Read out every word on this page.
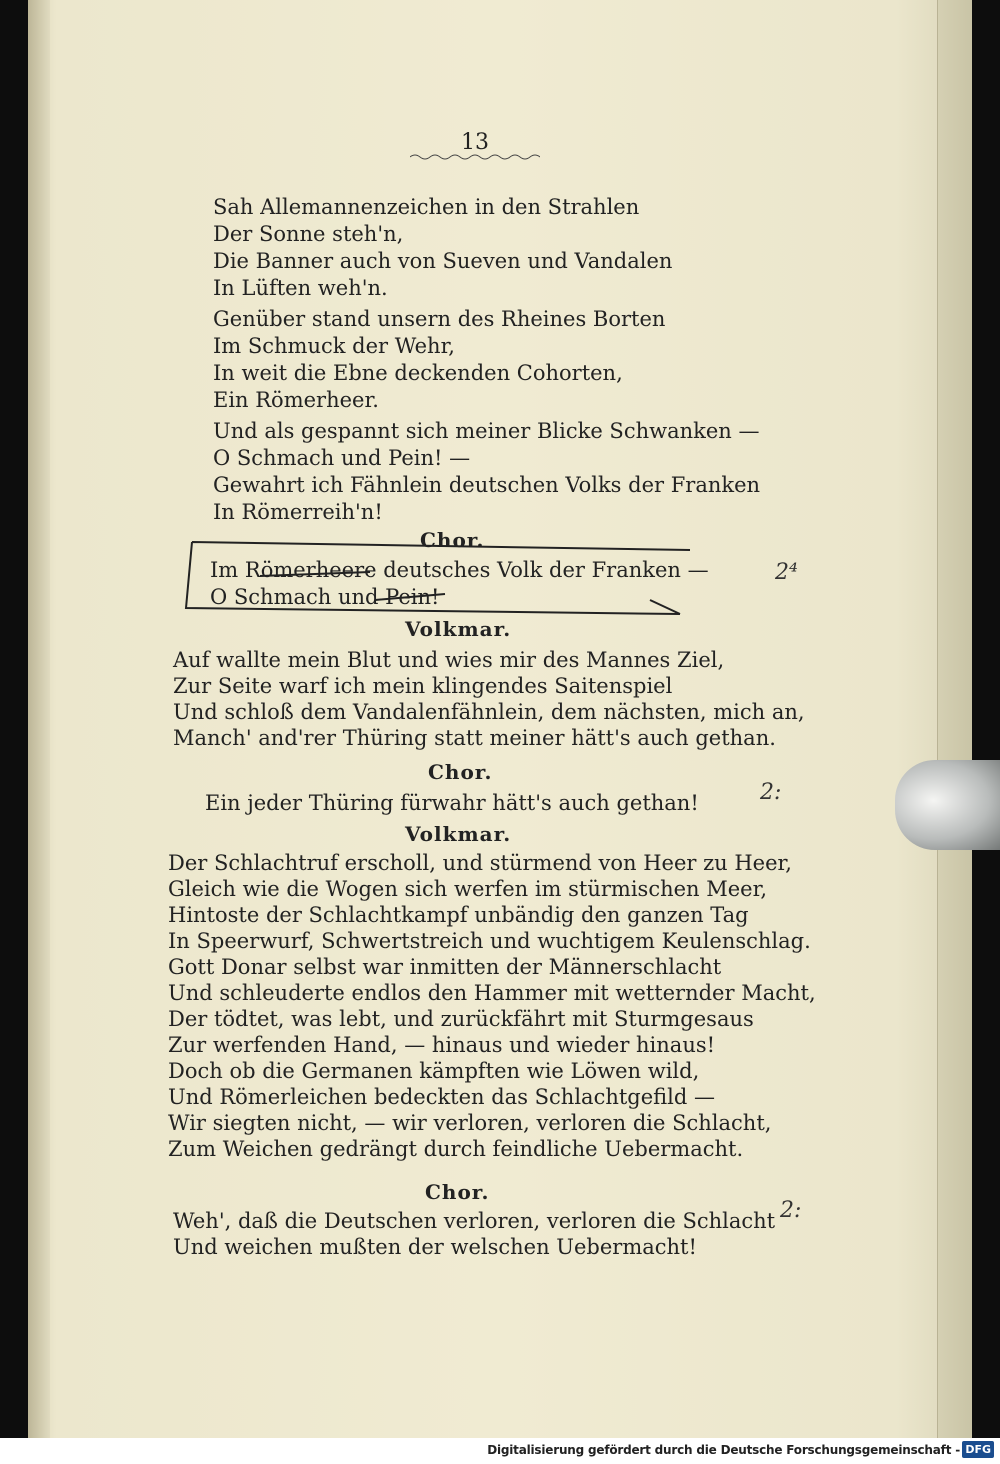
13
Sah Allemannenzeichen in den Strahlen
Der Sonne steh'n,
Die Banner auch von Sueven und Vandalen
In Lüften weh'n.
Genüber stand unsern des Rheines Borten
Im Schmuck der Wehr,
In weit die Ebne deckenden Cohorten,
Ein Römerheer.
Und als gespannt sich meiner Blicke Schwanken —
O Schmach und Pein! —
Gewahrt ich Fähnlein deutschen Volks der Franken
In Römerreih'n!
Chor.
Im Römerheere deutsches Volk der Franken —
O Schmach und Pein!
2⁴
Volkmar.
Auf wallte mein Blut und wies mir des Mannes Ziel,
Zur Seite warf ich mein klingendes Saitenspiel
Und schloß dem Vandalenfähnlein, dem nächsten, mich an,
Manch' and'rer Thüring statt meiner hätt's auch gethan.
Chor.
Ein jeder Thüring fürwahr hätt's auch gethan!	2:
Volkmar.
Der Schlachtruf erscholl, und stürmend von Heer zu Heer,
Gleich wie die Wogen sich werfen im stürmischen Meer,
Hintoste der Schlachtkampf unbändig den ganzen Tag
In Speerwurf, Schwertstreich und wuchtigem Keulenschlag.
Gott Donar selbst war inmitten der Männerschlacht
Und schleuderte endlos den Hammer mit wetternder Macht,
Der tödtet, was lebt, und zurückfährt mit Sturmgesaus
Zur werfenden Hand, — hinaus und wieder hinaus!
Doch ob die Germanen kämpften wie Löwen wild,
Und Römerleichen bedeckten das Schlachtgefild —
Wir siegten nicht, — wir verloren, verloren die Schlacht,
Zum Weichen gedrängt durch feindliche Uebermacht.
Chor.
Weh', daß die Deutschen verloren, verloren die Schlacht
Und weichen mußten der welschen Uebermacht!
2:
Digitalisierung gefördert durch die Deutsche Forschungsgemeinschaft - DFG
